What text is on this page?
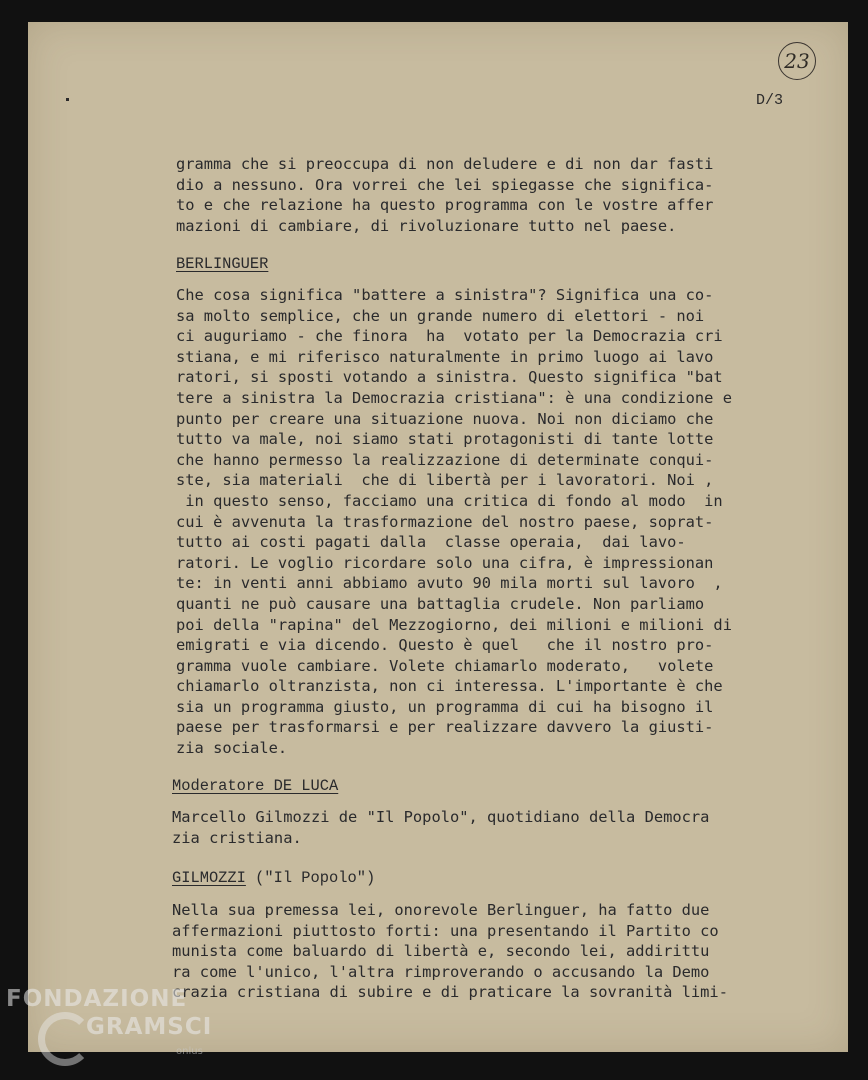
23
D/3
gramma che si preoccupa di non deludere e di non dar fasti
dio a nessuno. Ora vorrei che lei spiegasse che significa-
to e che relazione ha questo programma con le vostre affer
mazioni di cambiare, di rivoluzionare tutto nel paese.
BERLINGUER
Che cosa significa "battere a sinistra"? Significa una co-
sa molto semplice, che un grande numero di elettori - noi
ci auguriamo - che finora  ha  votato per la Democrazia cri
stiana, e mi riferisco naturalmente in primo luogo ai lavo
ratori, si sposti votando a sinistra. Questo significa "bat
tere a sinistra la Democrazia cristiana": è una condizione e
punto per creare una situazione nuova. Noi non diciamo che
tutto va male, noi siamo stati protagonisti di tante lotte
che hanno permesso la realizzazione di determinate conqui-
ste, sia materiali  che di libertà per i lavoratori. Noi ,
in questo senso, facciamo una critica di fondo al modo  in
cui è avvenuta la trasformazione del nostro paese, soprat-
tutto ai costi pagati dalla  classe operaia,  dai lavo-
ratori. Le voglio ricordare solo una cifra, è impressionan
te: in venti anni abbiamo avuto 90 mila morti sul lavoro  ,
quanti ne può causare una battaglia crudele. Non parliamo
poi della "rapina" del Mezzogiorno, dei milioni e milioni di
emigrati e via dicendo. Questo è quel   che il nostro pro-
gramma vuole cambiare. Volete chiamarlo moderato,   volete
chiamarlo oltranzista, non ci interessa. L'importante è che
sia un programma giusto, un programma di cui ha bisogno il
paese per trasformarsi e per realizzare davvero la giusti-
zia sociale.
Moderatore DE LUCA
Marcello Gilmozzi de "Il Popolo", quotidiano della Democra
zia cristiana.
GILMOZZI ("Il Popolo")
Nella sua premessa lei, onorevole Berlinguer, ha fatto due
affermazioni piuttosto forti: una presentando il Partito co
munista come baluardo di libertà e, secondo lei, addirittu
ra come l'unico, l'altra rimproverando o accusando la Demo
crazia cristiana di subire e di praticare la sovranità limi-
FONDAZIONE
GRAMSCI
onlus
